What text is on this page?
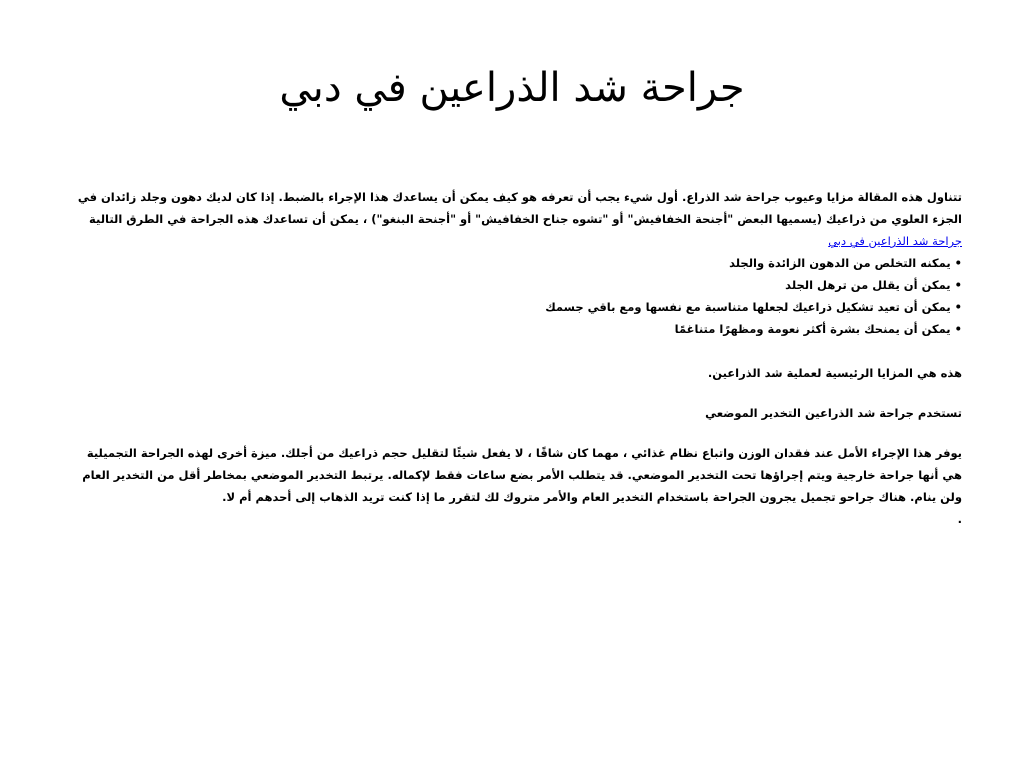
جراحة شد الذراعين في دبي

تتناول هذه المقالة مزايا وعيوب جراحة شد الذراع. أول شيء يجب أن تعرفه هو كيف يمكن أن يساعدك هذا الإجراء بالضبط. إذا كان لديك دهون وجلد زائدان في الجزء العلوي من ذراعيك (يسميها البعض "أجنحة الخفافيش" أو "تشوه جناح الخفافيش" أو "أجنحة البنغو") ، يمكن أن تساعدك هذه الجراحة في الطرق التالية جراحة شد الذراعين في دبي

•يمكنه التخلص من الدهون الزائدة والجلد
•يمكن أن يقلل من ترهل الجلد
•يمكن أن تعيد تشكيل ذراعيك لجعلها متناسبة مع نفسها ومع باقي جسمك
•يمكن أن يمنحك بشرة أكثر نعومة ومظهرًا متناغمًا

هذه هي المزايا الرئيسية لعملية شد الذراعين.

تستخدم جراحة شد الذراعين التخدير الموضعي

يوفر هذا الإجراء الأمل عند فقدان الوزن واتباع نظام غذائي ، مهما كان شاقًا ، لا يفعل شيئًا لتقليل حجم ذراعيك من أجلك. ميزة أخرى لهذه الجراحة التجميلية هي أنها جراحة خارجية ويتم إجراؤها تحت التخدير الموضعي. قد يتطلب الأمر بضع ساعات فقط لإكماله. يرتبط التخدير الموضعي بمخاطر أقل من التخدير العام ولن ينام. هناك جراحو تجميل يجرون الجراحة باستخدام التخدير العام والأمر متروك لك لتقرر ما إذا كنت تريد الذهاب إلى أحدهم أم لا.

.
